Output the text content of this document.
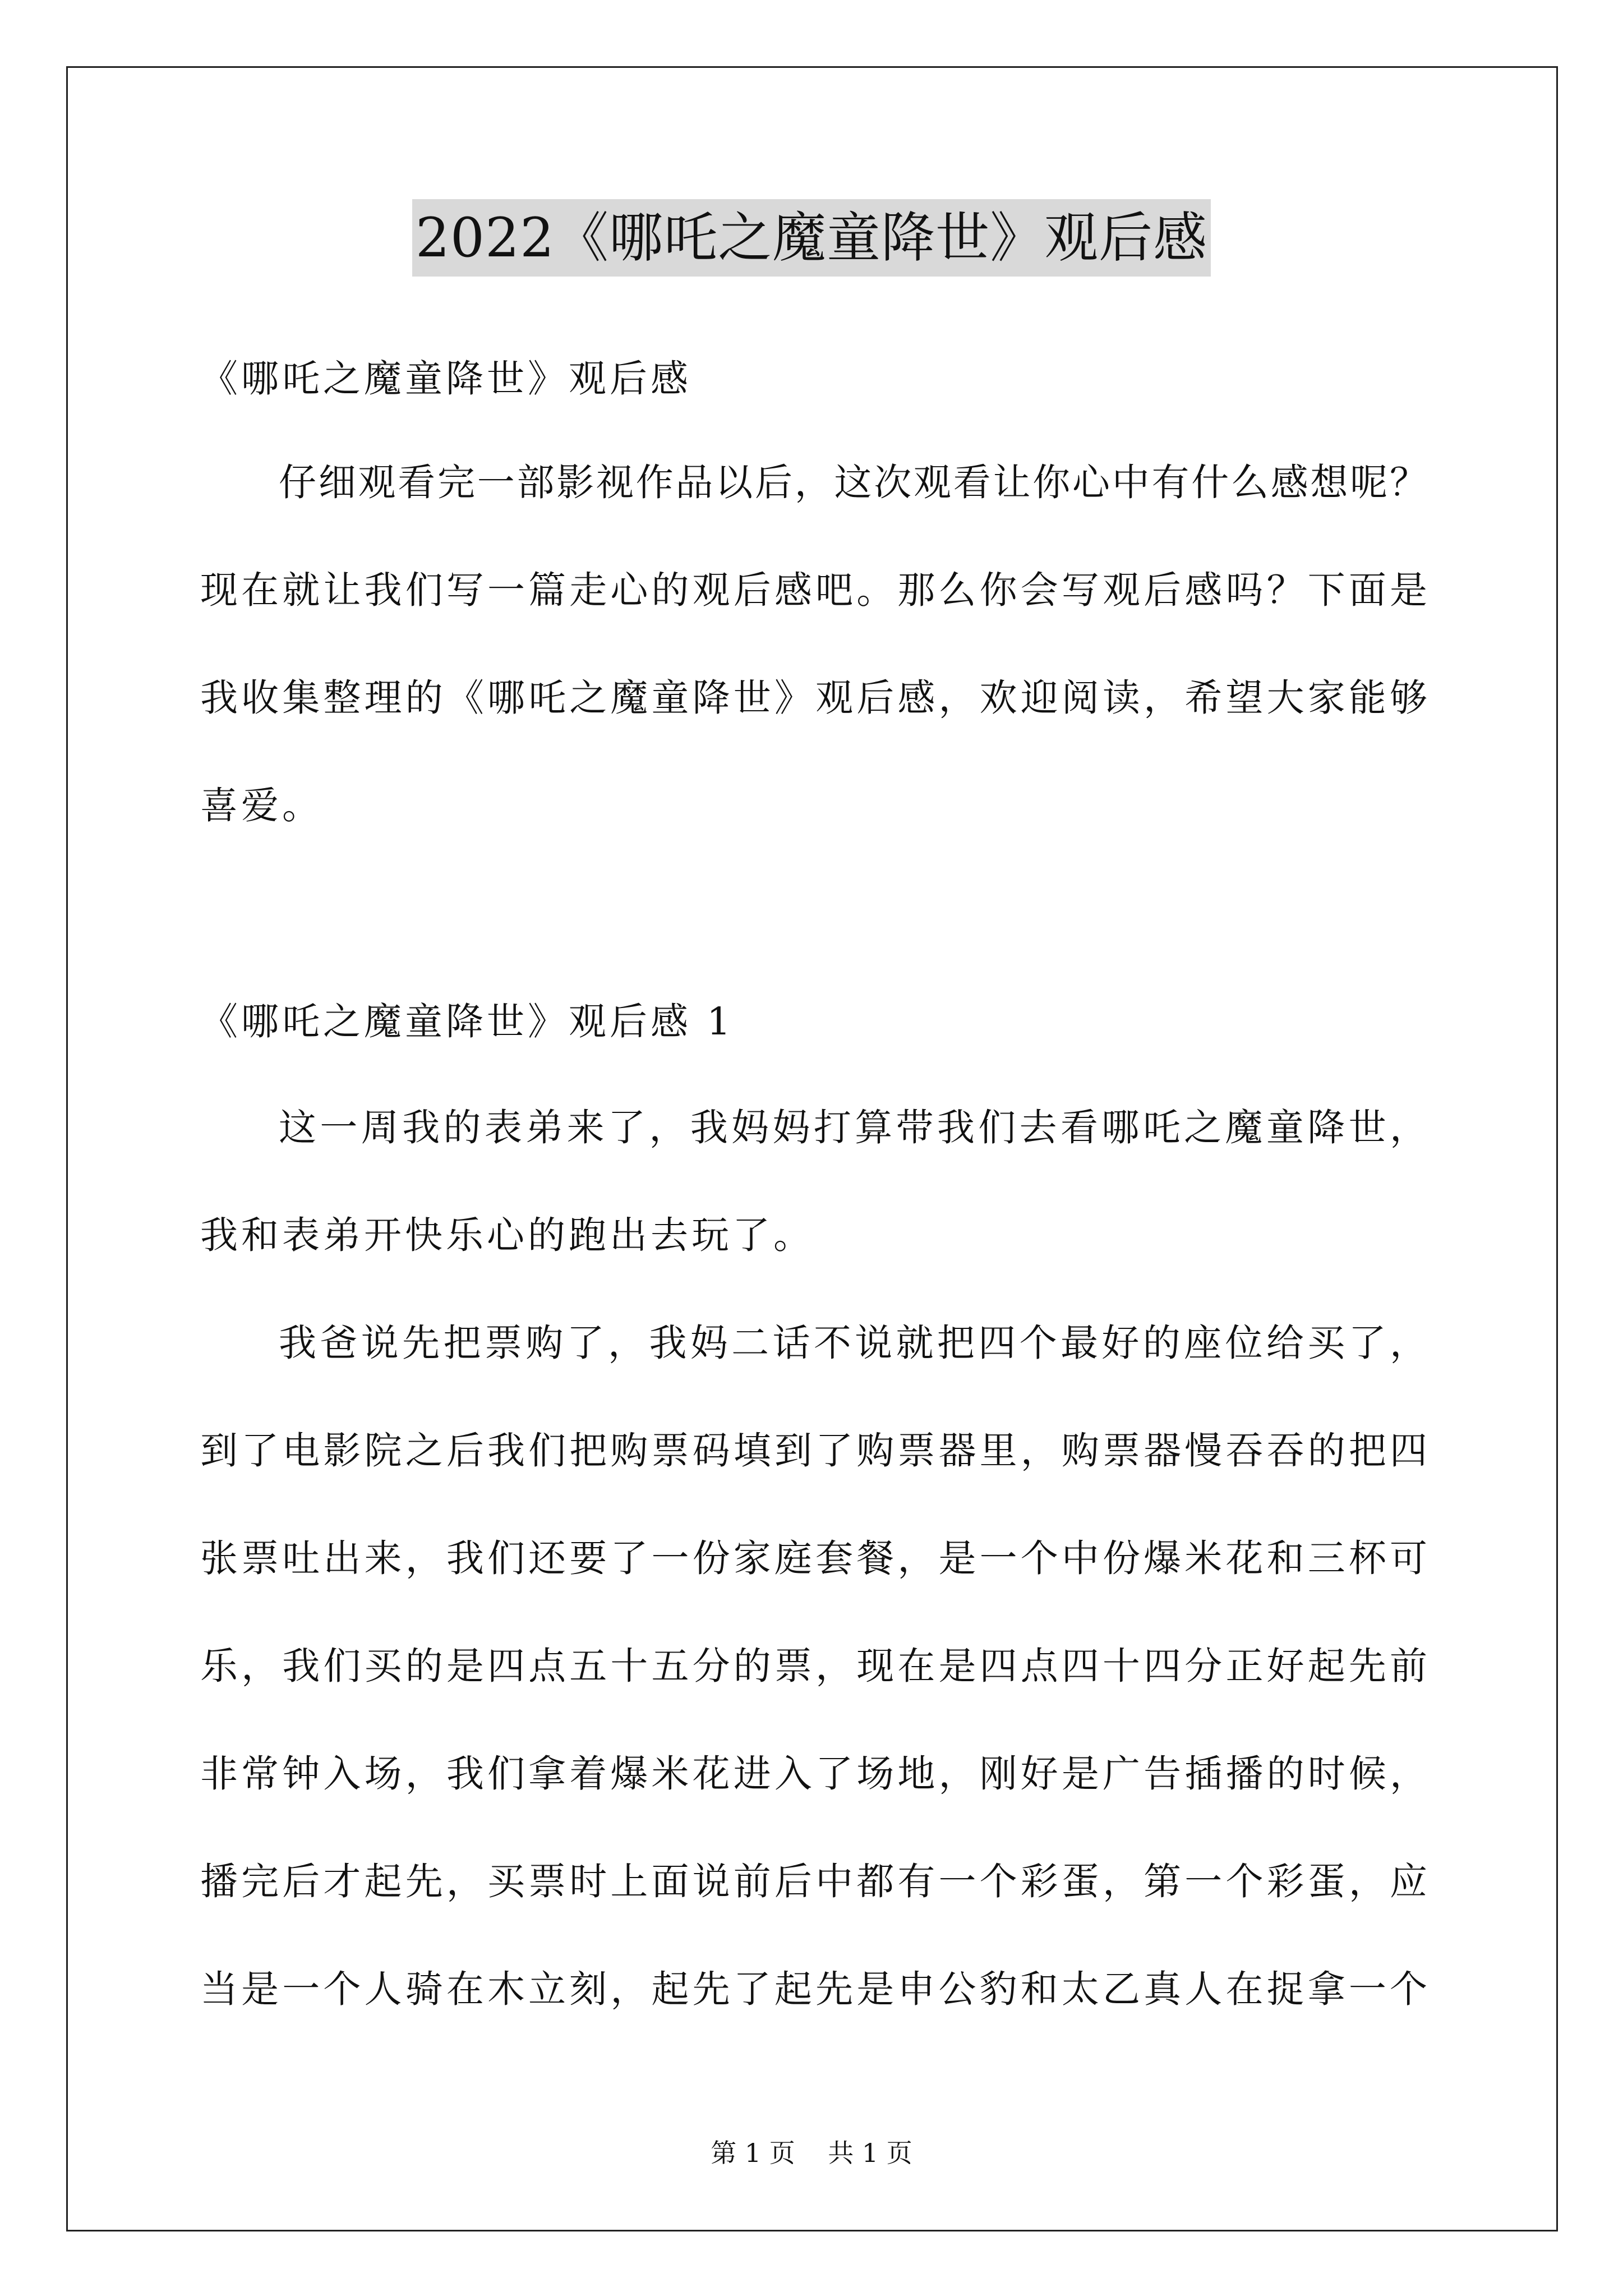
2022《哪吒之魔童降世》观后感
《哪吒之魔童降世》观后感
仔细观看完一部影视作品以后，这次观看让你心中有什么感想呢？
现在就让我们写一篇走心的观后感吧。那么你会写观后感吗？下面是
我收集整理的《哪吒之魔童降世》观后感，欢迎阅读，希望大家能够
喜爱。
《哪吒之魔童降世》观后感 1
这一周我的表弟来了，我妈妈打算带我们去看哪吒之魔童降世，
我和表弟开快乐心的跑出去玩了。
我爸说先把票购了，我妈二话不说就把四个最好的座位给买了，
到了电影院之后我们把购票码填到了购票器里，购票器慢吞吞的把四
张票吐出来，我们还要了一份家庭套餐，是一个中份爆米花和三杯可
乐，我们买的是四点五十五分的票，现在是四点四十四分正好起先前
非常钟入场，我们拿着爆米花进入了场地，刚好是广告插播的时候，
播完后才起先，买票时上面说前后中都有一个彩蛋，第一个彩蛋，应
当是一个人骑在木立刻，起先了起先是申公豹和太乙真人在捉拿一个
第 1 页    共 1 页
